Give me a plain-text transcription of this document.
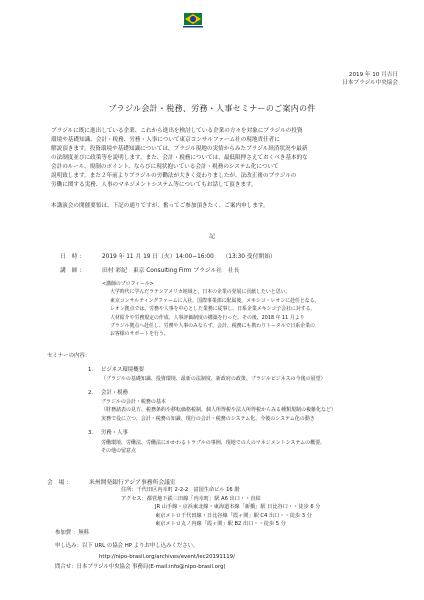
2019 年 10 月吉日
日本ブラジル中央協会
ブラジル会計・税務、労務・人事セミナーのご案内の件
ブラジルに既に進出している企業、これから進出を検討している企業の方々を対象にブラジルの投資
環境や基礎知識、会計・税務、労務・人事について東京コンサルファーム社の現地責任者に
解説頂きます。投資環境や基礎知識については、ブラジル現地の実情からみたブラジル経済状況や最新
の法制度並びに政策等を説明します。また、会計・税務については、最低限押さえておくべき基本的な
会計のルール、規制のポイント、ならびに現状抱いている会計・税務のシステム化について
説明致します。また２年前よりブラジルの労働法が大きく変わりましたが、法改正後のブラジルの
労働に関する実務、人事のマネジメントシステム等についてもお話して頂きます。
本講演会の開催要領は、下記の通りですが、奮ってご参加頂きたく、ご案内申します。
記
日　時 ：	2019 年 11 月 19 日（火）14:00−16:00　　（13:30 受付開始）
講　師 ：	田村 彩紀　東京 Consulting Firm ブラジル社　社長
<講師のプロフィール>
大学時代に学んだラテンアメリカ地域と、日本の企業の発展に貢献したいと思い、
東京コンサルティングファームに入社。国際事業部に配属後、メキシコ・レオンに赴任となる。
レオン拠点では、労務や人事を中心とした業務に従事し、日系企業メキシコ子会社に対する、
人材紹介や労務規定の作成、人事評価制度の構築を行った。その後、2018 年 11 月より
ブラジル拠点へ赴任し、労務や人事のみならず、会計、税務にも携わりトータルで日系企業の
お客様のサポートを行う。
セミナーの内容：
1. ビジネス環境概要
（ブラジルの基礎知識、投資環境、最新の法制度、新政府の政策、ブラジルビジネスの今後の展望）
2. 会計・税務
ブラジルの会計・税務の基本
（財務諸表の見方、税務条約や移転価格税制、個人所得税や法人所得税からみる種類規制の複雑化など）
実務で役に立つ、会計・税務の知識、現行の会計・税務のシステム化、今後のシステム化の動き
3. 労務・人事
労働環境、労働法、労働法にかかわるトラブルの事例、現地での人のマネジメントシステムの概要、
その他の留意点
会　場 ：	米州開発銀行アジア事務所会議室
住所：千代田区内幸町 2-2-2　富国生命ビル 16 階
アクセス：都営地下鉄三田線「内幸町」駅 A6 出口・・直結
JR 山手線・京浜東北線・東海道本線「新橋」駅 日比谷口・・徒歩 6 分
東京メトロ千代田線・日比谷線「霞ヶ関」駅 C4 出口・・徒歩 3 分
東京メトロ丸ノ内線「霞ヶ関」駅 B2 出口・・徒歩 5 分
参加費 ：無料
申し込み：以下 URL の協会 HP よりお申し込みください。
http://nipo-brasil.org/archives/event/lec20191119/
問合せ：日本ブラジル中央協会 事務局(E-mail:info@nipo-brasil.org)
